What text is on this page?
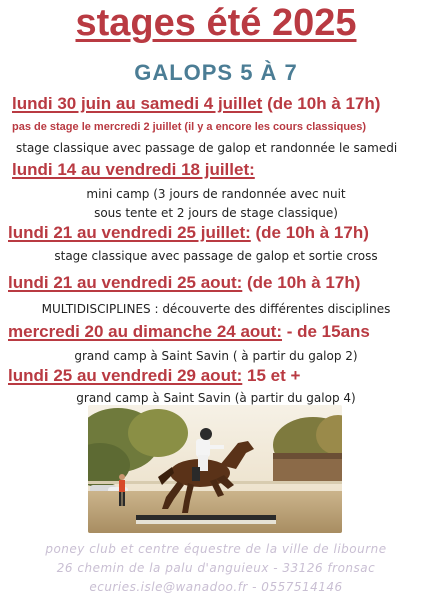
stages été 2025
GALOPS 5 À 7
lundi 30 juin au samedi 4 juillet (de 10h à 17h)
pas de stage le mercredi 2 juillet (il y a encore les cours classiques)
stage classique avec passage de galop et randonnée le samedi
lundi 14 au vendredi 18 juillet:
mini camp (3 jours de randonnée avec nuit
sous tente et 2 jours de stage classique)
lundi 21 au vendredi 25 juillet: (de 10h à 17h)
stage classique avec passage de galop et sortie cross
lundi 21 au vendredi 25 aout: (de 10h à 17h)
MULTIDISCIPLINES : découverte des différentes disciplines
mercredi 20 au dimanche 24 aout: - de 15ans
grand camp à Saint Savin ( à partir du galop 2)
lundi 25 au vendredi 29 aout: 15 et +
grand camp à Saint Savin (à partir du galop 4)
poney club et centre équestre de la ville de libourne
26 chemin de la palu d'anguieux - 33126 fronsac
ecuries.isle@wanadoo.fr - 0557514146
